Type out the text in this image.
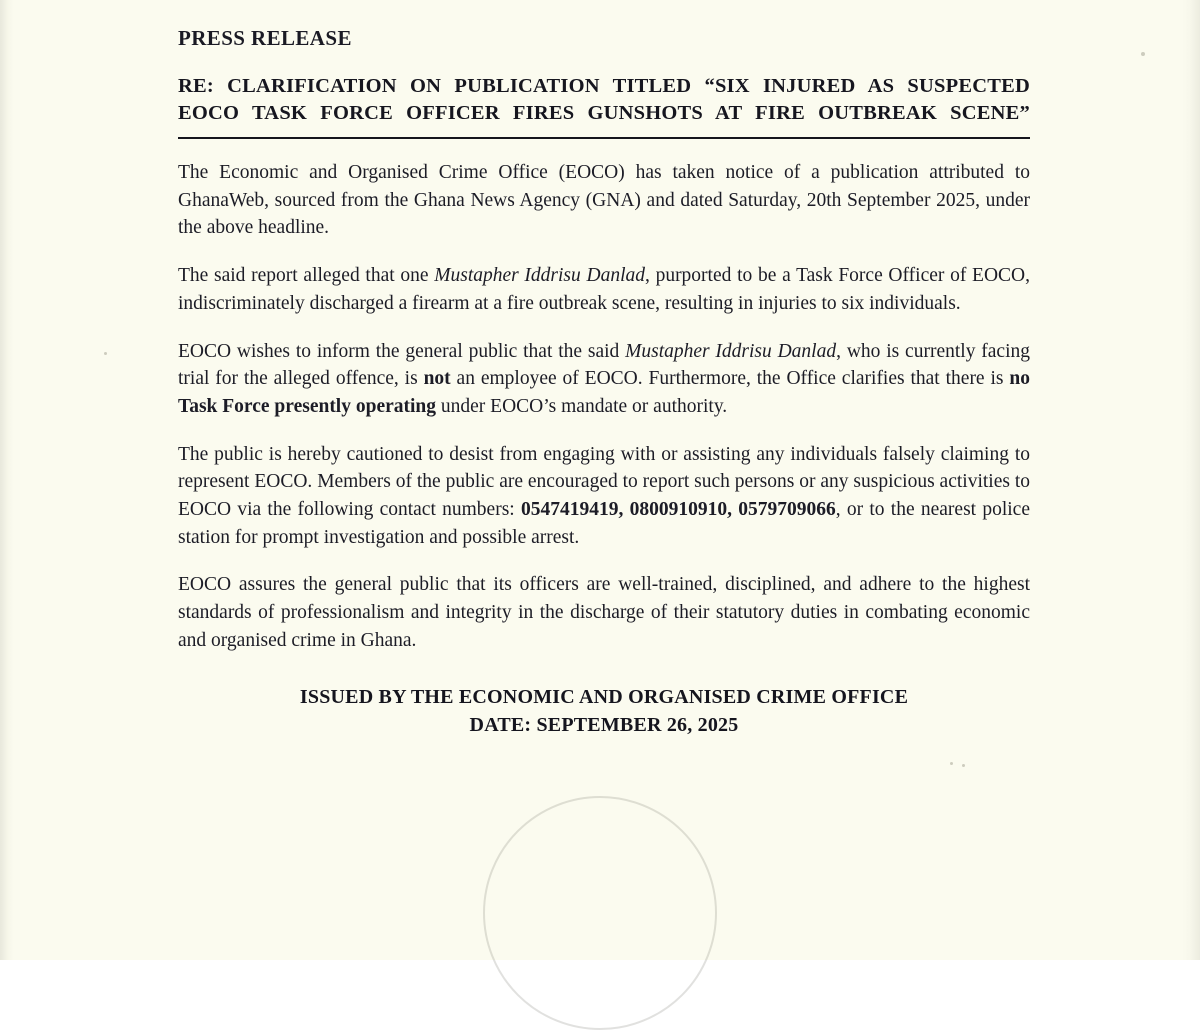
PRESS RELEASE
RE: CLARIFICATION ON PUBLICATION TITLED “SIX INJURED AS SUSPECTED EOCO TASK FORCE OFFICER FIRES GUNSHOTS AT FIRE OUTBREAK SCENE”

The Economic and Organised Crime Office (EOCO) has taken notice of a publication attributed to GhanaWeb, sourced from the Ghana News Agency (GNA) and dated Saturday, 20th September 2025, under the above headline.

The said report alleged that one Mustapher Iddrisu Danlad, purported to be a Task Force Officer of EOCO, indiscriminately discharged a firearm at a fire outbreak scene, resulting in injuries to six individuals.

EOCO wishes to inform the general public that the said Mustapher Iddrisu Danlad, who is currently facing trial for the alleged offence, is not an employee of EOCO. Furthermore, the Office clarifies that there is no Task Force presently operating under EOCO’s mandate or authority.

The public is hereby cautioned to desist from engaging with or assisting any individuals falsely claiming to represent EOCO. Members of the public are encouraged to report such persons or any suspicious activities to EOCO via the following contact numbers: 0547419419, 0800910910, 0579709066, or to the nearest police station for prompt investigation and possible arrest.

EOCO assures the general public that its officers are well-trained, disciplined, and adhere to the highest standards of professionalism and integrity in the discharge of their statutory duties in combating economic and organised crime in Ghana.

ISSUED BY THE ECONOMIC AND ORGANISED CRIME OFFICE
DATE: SEPTEMBER 26, 2025
